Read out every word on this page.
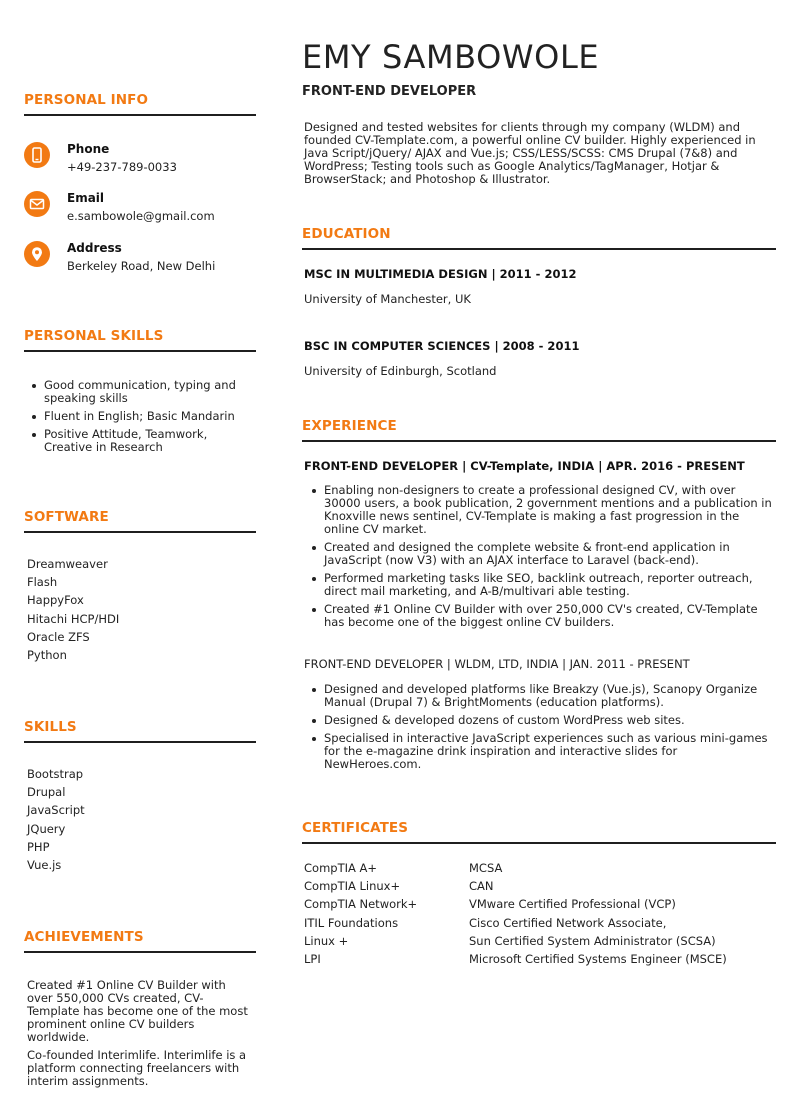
EMY SAMBOWOLE
FRONT-END DEVELOPER
PERSONAL INFO
Phone
+49-237-789-0033
Email
e.sambowole@gmail.com
Address
Berkeley Road, New Delhi
PERSONAL SKILLS
Good communication, typing and speaking skills
Fluent in English; Basic Mandarin
Positive Attitude, Teamwork, Creative in Research
SOFTWARE
Dreamweaver
Flash
HappyFox
Hitachi HCP/HDI
Oracle ZFS
Python
SKILLS
Bootstrap
Drupal
JavaScript
JQuery
PHP
Vue.js
ACHIEVEMENTS

Created #1 Online CV Builder with over 550,000 CVs created, CV-Template has become one of the most prominent online CV builders worldwide.

Co-founded Interimlife. Interimlife is a platform connecting freelancers with interim assignments.

Designed and tested websites for clients through my company (WLDM) and founded CV-Template.com, a powerful online CV builder. Highly experienced in Java Script/jQuery/ AJAX and Vue.js; CSS/LESS/SCSS: CMS Drupal (7&8) and WordPress; Testing tools such as Google Analytics/TagManager, Hotjar & BrowserStack; and Photoshop & Illustrator.

EDUCATION
MSC IN MULTIMEDIA DESIGN | 2011 - 2012
University of Manchester, UK
BSC IN COMPUTER SCIENCES | 2008 - 2011
University of Edinburgh, Scotland
EXPERIENCE
FRONT-END DEVELOPER | CV-Template, INDIA | APR. 2016 - PRESENT
Enabling non-designers to create a professional designed CV, with over 30000 users, a book publication, 2 government mentions and a publication in Knoxville news sentinel, CV-Template is making a fast progression in the online CV market.
Created and designed the complete website & front-end application in JavaScript (now V3) with an AJAX interface to Laravel (back-end).
Performed marketing tasks like SEO, backlink outreach, reporter outreach, direct mail marketing, and A-B/multivari able testing.
Created #1 Online CV Builder with over 250,000 CV's created, CV-Template has become one of the biggest online CV builders.
FRONT-END DEVELOPER | WLDM, LTD, INDIA | JAN. 2011 - PRESENT
Designed and developed platforms like Breakzy (Vue.js), Scanopy Organize Manual (Drupal 7) & BrightMoments (education platforms).
Designed & developed dozens of custom WordPress web sites.
Specialised in interactive JavaScript experiences such as various mini-games for the e-magazine drink inspiration and interactive slides for NewHeroes.com.
CERTIFICATES
CompTIA A+
CompTIA Linux+
CompTIA Network+
ITIL Foundations
Linux +
LPI
MCSA
CAN
VMware Certified Professional (VCP)
Cisco Certified Network Associate,
Sun Certified System Administrator (SCSA)
Microsoft Certified Systems Engineer (MSCE)
